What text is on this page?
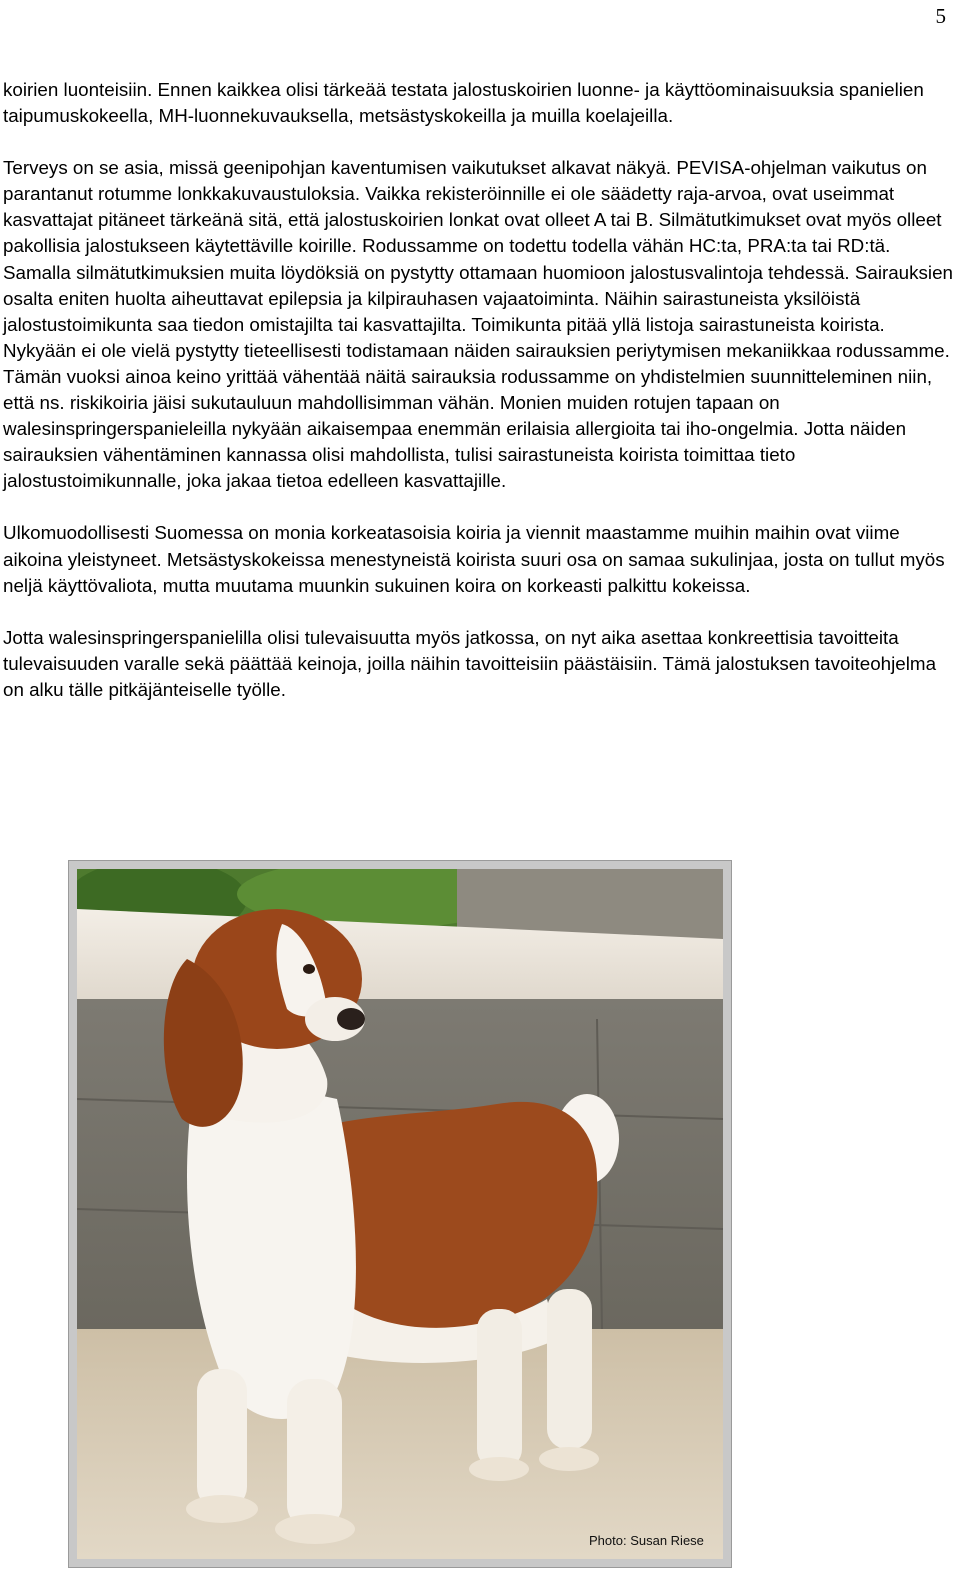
5

koirien luonteisiin. Ennen kaikkea olisi tärkeää testata jalostuskoirien luonne- ja käyttöominaisuuksia spanielien taipumuskokeella, MH-luonnekuvauksella, metsästyskokeilla ja muilla koelajeilla.

Terveys on se asia, missä geenipohjan kaventumisen vaikutukset alkavat näkyä. PEVISA-ohjelman vaikutus on parantanut rotumme lonkkakuvaustuloksia. Vaikka rekisteröinnille ei ole säädetty raja-arvoa, ovat useimmat kasvattajat pitäneet tärkeänä sitä, että jalostuskoirien lonkat ovat olleet A tai B. Silmätutkimukset ovat myös olleet pakollisia jalostukseen käytettäville koirille. Rodussamme on todettu todella vähän HC:ta, PRA:ta tai RD:tä. Samalla silmätutkimuksien muita löydöksiä on pystytty ottamaan huomioon jalostusvalintoja tehdessä. Sairauksien osalta eniten huolta aiheuttavat epilepsia ja kilpirauhasen vajaatoiminta. Näihin sairastuneista yksilöistä jalostustoimikunta saa tiedon omistajilta tai kasvattajilta. Toimikunta pitää yllä listoja sairastuneista koirista. Nykyään ei ole vielä pystytty tieteellisesti todistamaan näiden sairauksien periytymisen mekaniikkaa rodussamme. Tämän vuoksi ainoa keino yrittää vähentää näitä sairauksia rodussamme on yhdistelmien suunnitteleminen niin, että ns. riskikoiria jäisi sukutauluun mahdollisimman vähän. Monien muiden rotujen tapaan on walesinspringerspanieleilla nykyään aikaisempaa enemmän erilaisia allergioita tai iho-ongelmia. Jotta näiden sairauksien vähentäminen kannassa olisi mahdollista, tulisi sairastuneista koirista toimittaa tieto jalostustoimikunnalle, joka jakaa tietoa edelleen kasvattajille.

Ulkomuodollisesti Suomessa on monia korkeatasoisia koiria ja viennit maastamme muihin maihin ovat viime aikoina yleistyneet. Metsästyskokeissa menestyneistä koirista suuri osa on samaa sukulinjaa, josta on tullut myös neljä käyttövaliota, mutta muutama muunkin sukuinen koira on korkeasti palkittu kokeissa.

Jotta walesinspringerspanielilla olisi tulevaisuutta myös jatkossa, on nyt aika asettaa konkreettisia tavoitteita tulevaisuuden varalle sekä päättää keinoja, joilla näihin tavoitteisiin päästäisiin. Tämä jalostuksen tavoiteohjelma on alku tälle pitkäjänteiselle työlle.

Photo: Susan Riese
